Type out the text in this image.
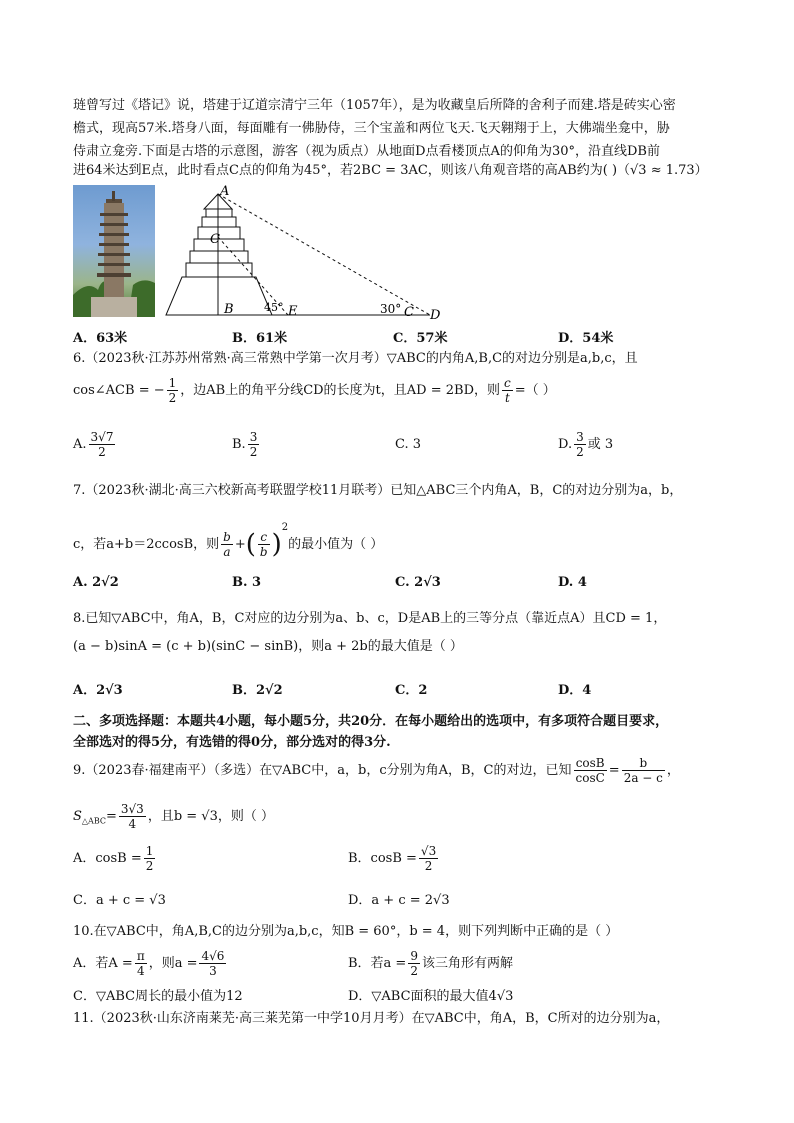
琏曾写过《塔记》说，塔建于辽道宗清宁三年（1057年），是为收藏皇后所降的舍利子而建.塔是砖实心密
檐式，现高57米.塔身八面，每面雕有一佛胁侍，三个宝盖和两位飞天.飞天翱翔于上，大佛端坐龛中，胁
侍肃立龛旁.下面是古塔的示意图，游客（视为质点）从地面D点看楼顶点A的仰角为30°，沿直线DB前
进64米达到E点，此时看点C点的仰角为45°，若2BC = 3AC，则该八角观音塔的高AB约为( )（√3 ≈ 1.73）
A
C
B	45° E	30° C D
A．63米	B．61米	C．57米	D．54米
6.（2023秋·江苏苏州常熟·高三常熟中学第一次月考）▽ABC的内角A,B,C的对边分别是a,b,c，且
cos∠ACB = − $\frac{1}{2}$ ，边AB上的角平分线CD的长度为t，且AD = 2BD，则 $\frac{c}{t}$ =（ ）
A. $\frac{3√7}{2}$	B. $\frac{3}{2}$	C. 3	D. $\frac{3}{2}$ 或 3
7.（2023秋·湖北·高三六校新高考联盟学校11月联考）已知△ABC三个内角A，B，C的对边分别为a，b，
c，若a+b＝2ccosB，则 $\frac{b}{a}$ +( $\frac{c}{b} )^2$的最小值为（ ）
A. 2√2	B. 3	C. 2√3	D. 4
8.已知▽ABC中，角A，B，C对应的边分别为a、b、c，D是AB上的三等分点（靠近点A）且CD = 1，
(a − b)sinA = (c + b)(sinC − sinB)，则a + 2b的最大值是（ ）
A．2√3	B．2√2	C．2	D．4
二、多项选择题：本题共4小题，每小题5分，共20分．在每小题给出的选项中，有多项符合题目要求，
全部选对的得5分，有选错的得0分，部分选对的得3分.
9.（2023春·福建南平）（多选）在▽ABC中，a，b，c分别为角A，B，C的对边，已知 $\frac{\cos B}{\cos C} = \frac{b}{2a - c}$ ，
$S_{\triangle ABC}= \frac{3√3}{4}$ ，且b = √3，则（ ）
A．$\cos B = \frac{1}{2}$	B．$\cos B = \frac{√3}{2}$
C．a + c = √3	D．a + c = 2√3
10.在▽ABC中，角A,B,C的边分别为a,b,c，知B = 60°，b = 4，则下列判断中正确的是（ ）
A．若$A = \frac{\pi}{4}$ ，则$a = \frac{4√6}{3}$	B．若$a = \frac{9}{2}$ 该三角形有两解
C．▽ABC周长的最小值为12	D．▽ABC面积的最大值4√3
11.（2023秋·山东济南莱芜·高三莱芜第一中学10月月考）在▽ABC中，角A，B，C所对的边分别为a，
